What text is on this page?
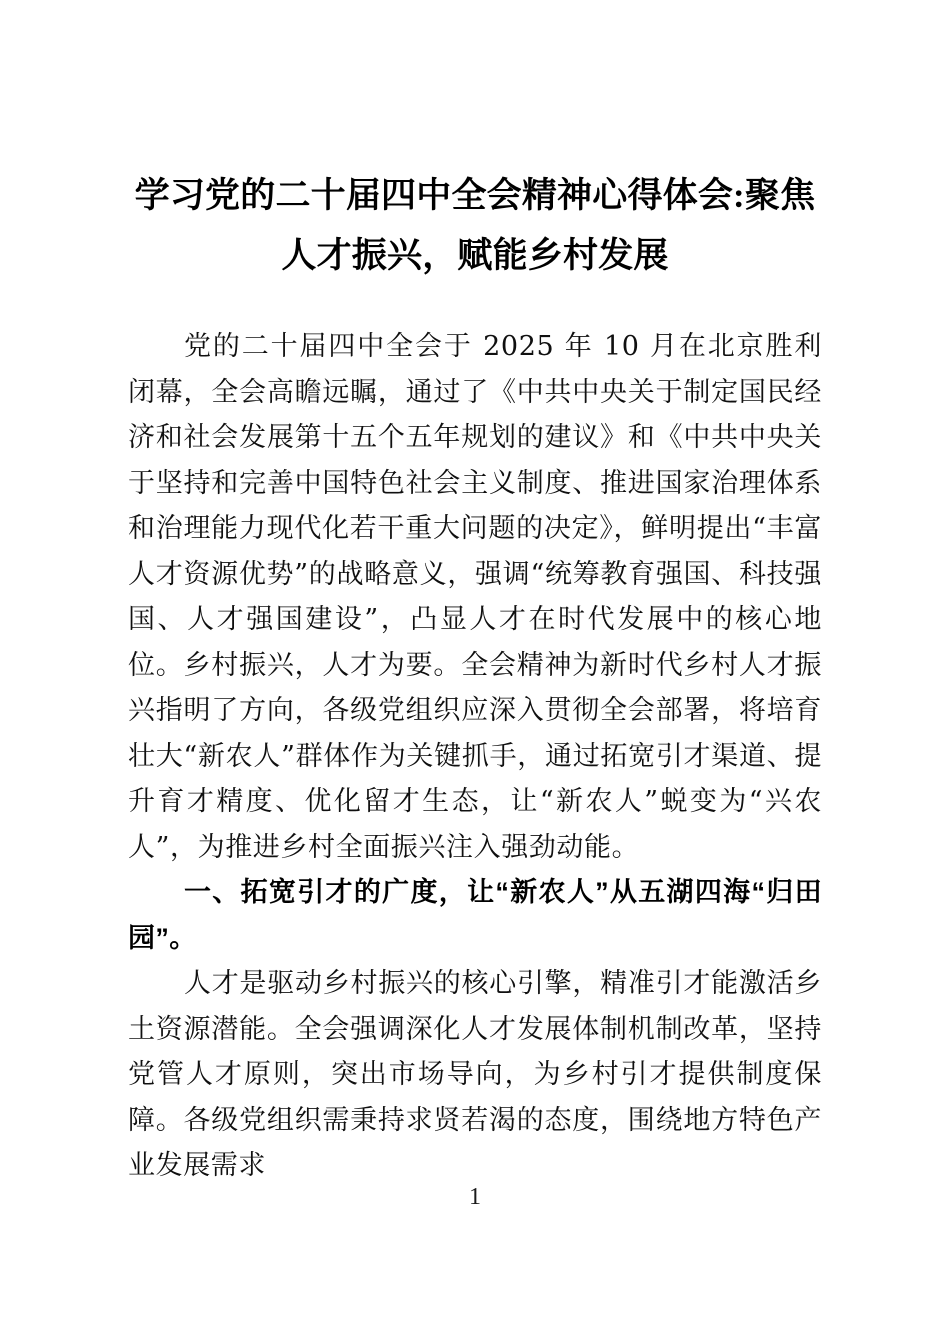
学习党的二十届四中全会精神心得体会:聚焦人才振兴，赋能乡村发展

党的二十届四中全会于 2025 年 10 月在北京胜利闭幕，全会高瞻远瞩，通过了《中共中央关于制定国民经济和社会发展第十五个五年规划的建议》和《中共中央关于坚持和完善中国特色社会主义制度、推进国家治理体系和治理能力现代化若干重大问题的决定》，鲜明提出“丰富人才资源优势”的战略意义，强调“统筹教育强国、科技强国、人才强国建设”，凸显人才在时代发展中的核心地位。乡村振兴，人才为要。全会精神为新时代乡村人才振兴指明了方向，各级党组织应深入贯彻全会部署，将培育壮大“新农人”群体作为关键抓手，通过拓宽引才渠道、提升育才精度、优化留才生态，让“新农人”蜕变为“兴农人”，为推进乡村全面振兴注入强劲动能。

一、拓宽引才的广度，让“新农人”从五湖四海“归田园”。

人才是驱动乡村振兴的核心引擎，精准引才能激活乡土资源潜能。全会强调深化人才发展体制机制改革，坚持党管人才原则，突出市场导向，为乡村引才提供制度保障。各级党组织需秉持求贤若渴的态度，围绕地方特色产业发展需求

1
